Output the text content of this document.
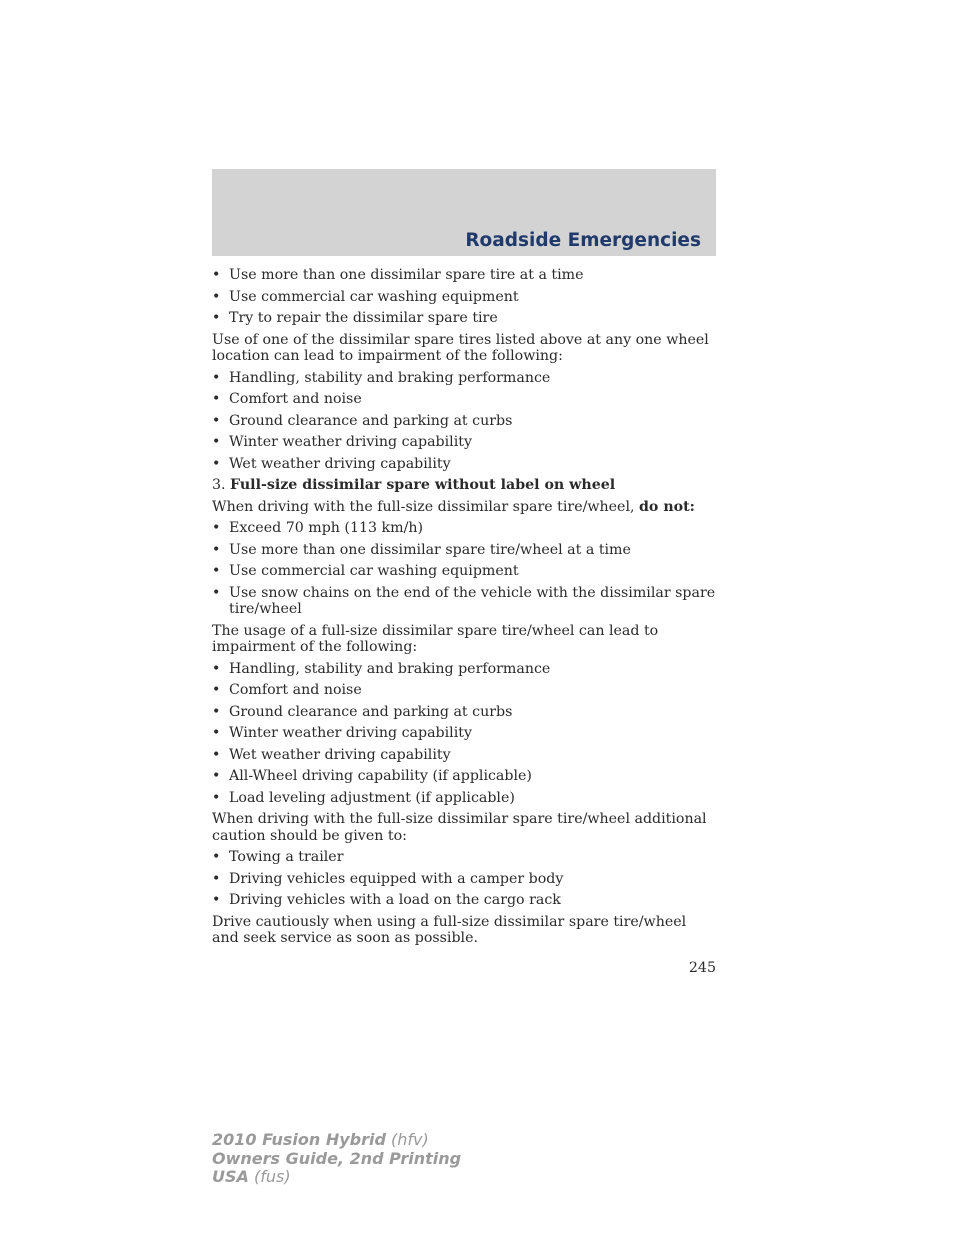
Roadside Emergencies
• Use more than one dissimilar spare tire at a time
• Use commercial car washing equipment
• Try to repair the dissimilar spare tire
Use of one of the dissimilar spare tires listed above at any one wheel location can lead to impairment of the following:
• Handling, stability and braking performance
• Comfort and noise
• Ground clearance and parking at curbs
• Winter weather driving capability
• Wet weather driving capability
3. Full-size dissimilar spare without label on wheel
When driving with the full-size dissimilar spare tire/wheel, do not:
• Exceed 70 mph (113 km/h)
• Use more than one dissimilar spare tire/wheel at a time
• Use commercial car washing equipment
• Use snow chains on the end of the vehicle with the dissimilar spare tire/wheel
The usage of a full-size dissimilar spare tire/wheel can lead to impairment of the following:
• Handling, stability and braking performance
• Comfort and noise
• Ground clearance and parking at curbs
• Winter weather driving capability
• Wet weather driving capability
• All-Wheel driving capability (if applicable)
• Load leveling adjustment (if applicable)
When driving with the full-size dissimilar spare tire/wheel additional caution should be given to:
• Towing a trailer
• Driving vehicles equipped with a camper body
• Driving vehicles with a load on the cargo rack
Drive cautiously when using a full-size dissimilar spare tire/wheel and seek service as soon as possible.
245
2010 Fusion Hybrid (hfv)
Owners Guide, 2nd Printing
USA (fus)
